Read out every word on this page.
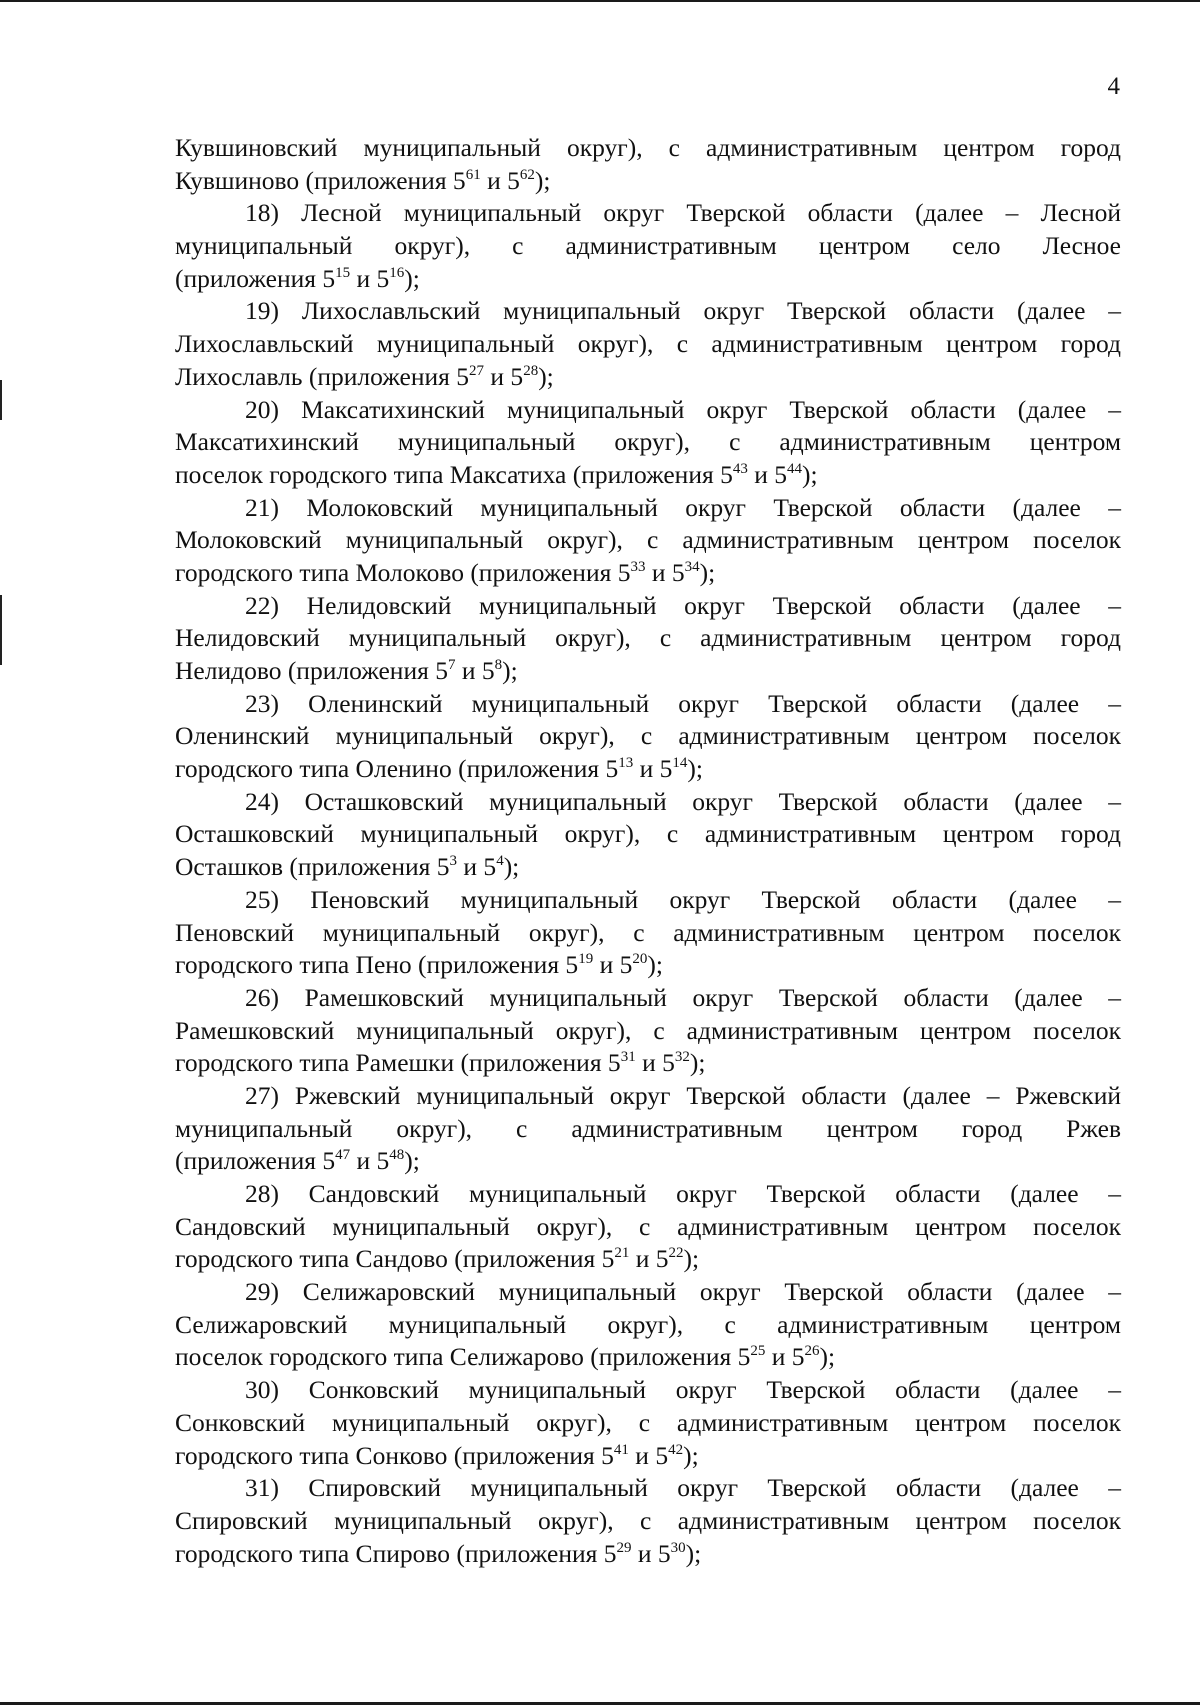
4
Кувшиновский муниципальный округ), с административным центром город
Кувшиново (приложения $5^{61}$ и $5^{62}$);
18) Лесной муниципальный округ Тверской области (далее – Лесной
муниципальный округ), с административным центром село Лесное
(приложения $5^{15}$ и $5^{16}$);
19) Лихославльский муниципальный округ Тверской области (далее –
Лихославльский муниципальный округ), с административным центром город
Лихославль (приложения $5^{27}$ и $5^{28}$);
20) Максатихинский муниципальный округ Тверской области (далее –
Максатихинский муниципальный округ), с административным центром
поселок городского типа Максатиха (приложения $5^{43}$ и $5^{44}$);
21) Молоковский муниципальный округ Тверской области (далее –
Молоковский муниципальный округ), с административным центром поселок
городского типа Молоково (приложения $5^{33}$ и $5^{34}$);
22) Нелидовский муниципальный округ Тверской области (далее –
Нелидовский муниципальный округ), с административным центром город
Нелидово (приложения $5^7$ и $5^8$);
23) Оленинский муниципальный округ Тверской области (далее –
Оленинский муниципальный округ), с административным центром поселок
городского типа Оленино (приложения $5^{13}$ и $5^{14}$);
24) Осташковский муниципальный округ Тверской области (далее –
Осташковский муниципальный округ), с административным центром город
Осташков (приложения $5^3$ и $5^4$);
25) Пеновский муниципальный округ Тверской области (далее –
Пеновский муниципальный округ), с административным центром поселок
городского типа Пено (приложения $5^{19}$ и $5^{20}$);
26) Рамешковский муниципальный округ Тверской области (далее –
Рамешковский муниципальный округ), с административным центром поселок
городского типа Рамешки (приложения $5^{31}$ и $5^{32}$);
27) Ржевский муниципальный округ Тверской области (далее – Ржевский
муниципальный округ), с административным центром город Ржев
(приложения $5^{47}$ и $5^{48}$);
28) Сандовский муниципальный округ Тверской области (далее –
Сандовский муниципальный округ), с административным центром поселок
городского типа Сандово (приложения $5^{21}$ и $5^{22}$);
29) Селижаровский муниципальный округ Тверской области (далее –
Селижаровский муниципальный округ), с административным центром
поселок городского типа Селижарово (приложения $5^{25}$ и $5^{26}$);
30) Сонковский муниципальный округ Тверской области (далее –
Сонковский муниципальный округ), с административным центром поселок
городского типа Сонково (приложения $5^{41}$ и $5^{42}$);
31) Спировский муниципальный округ Тверской области (далее –
Спировский муниципальный округ), с административным центром поселок
городского типа Спирово (приложения $5^{29}$ и $5^{30}$);
